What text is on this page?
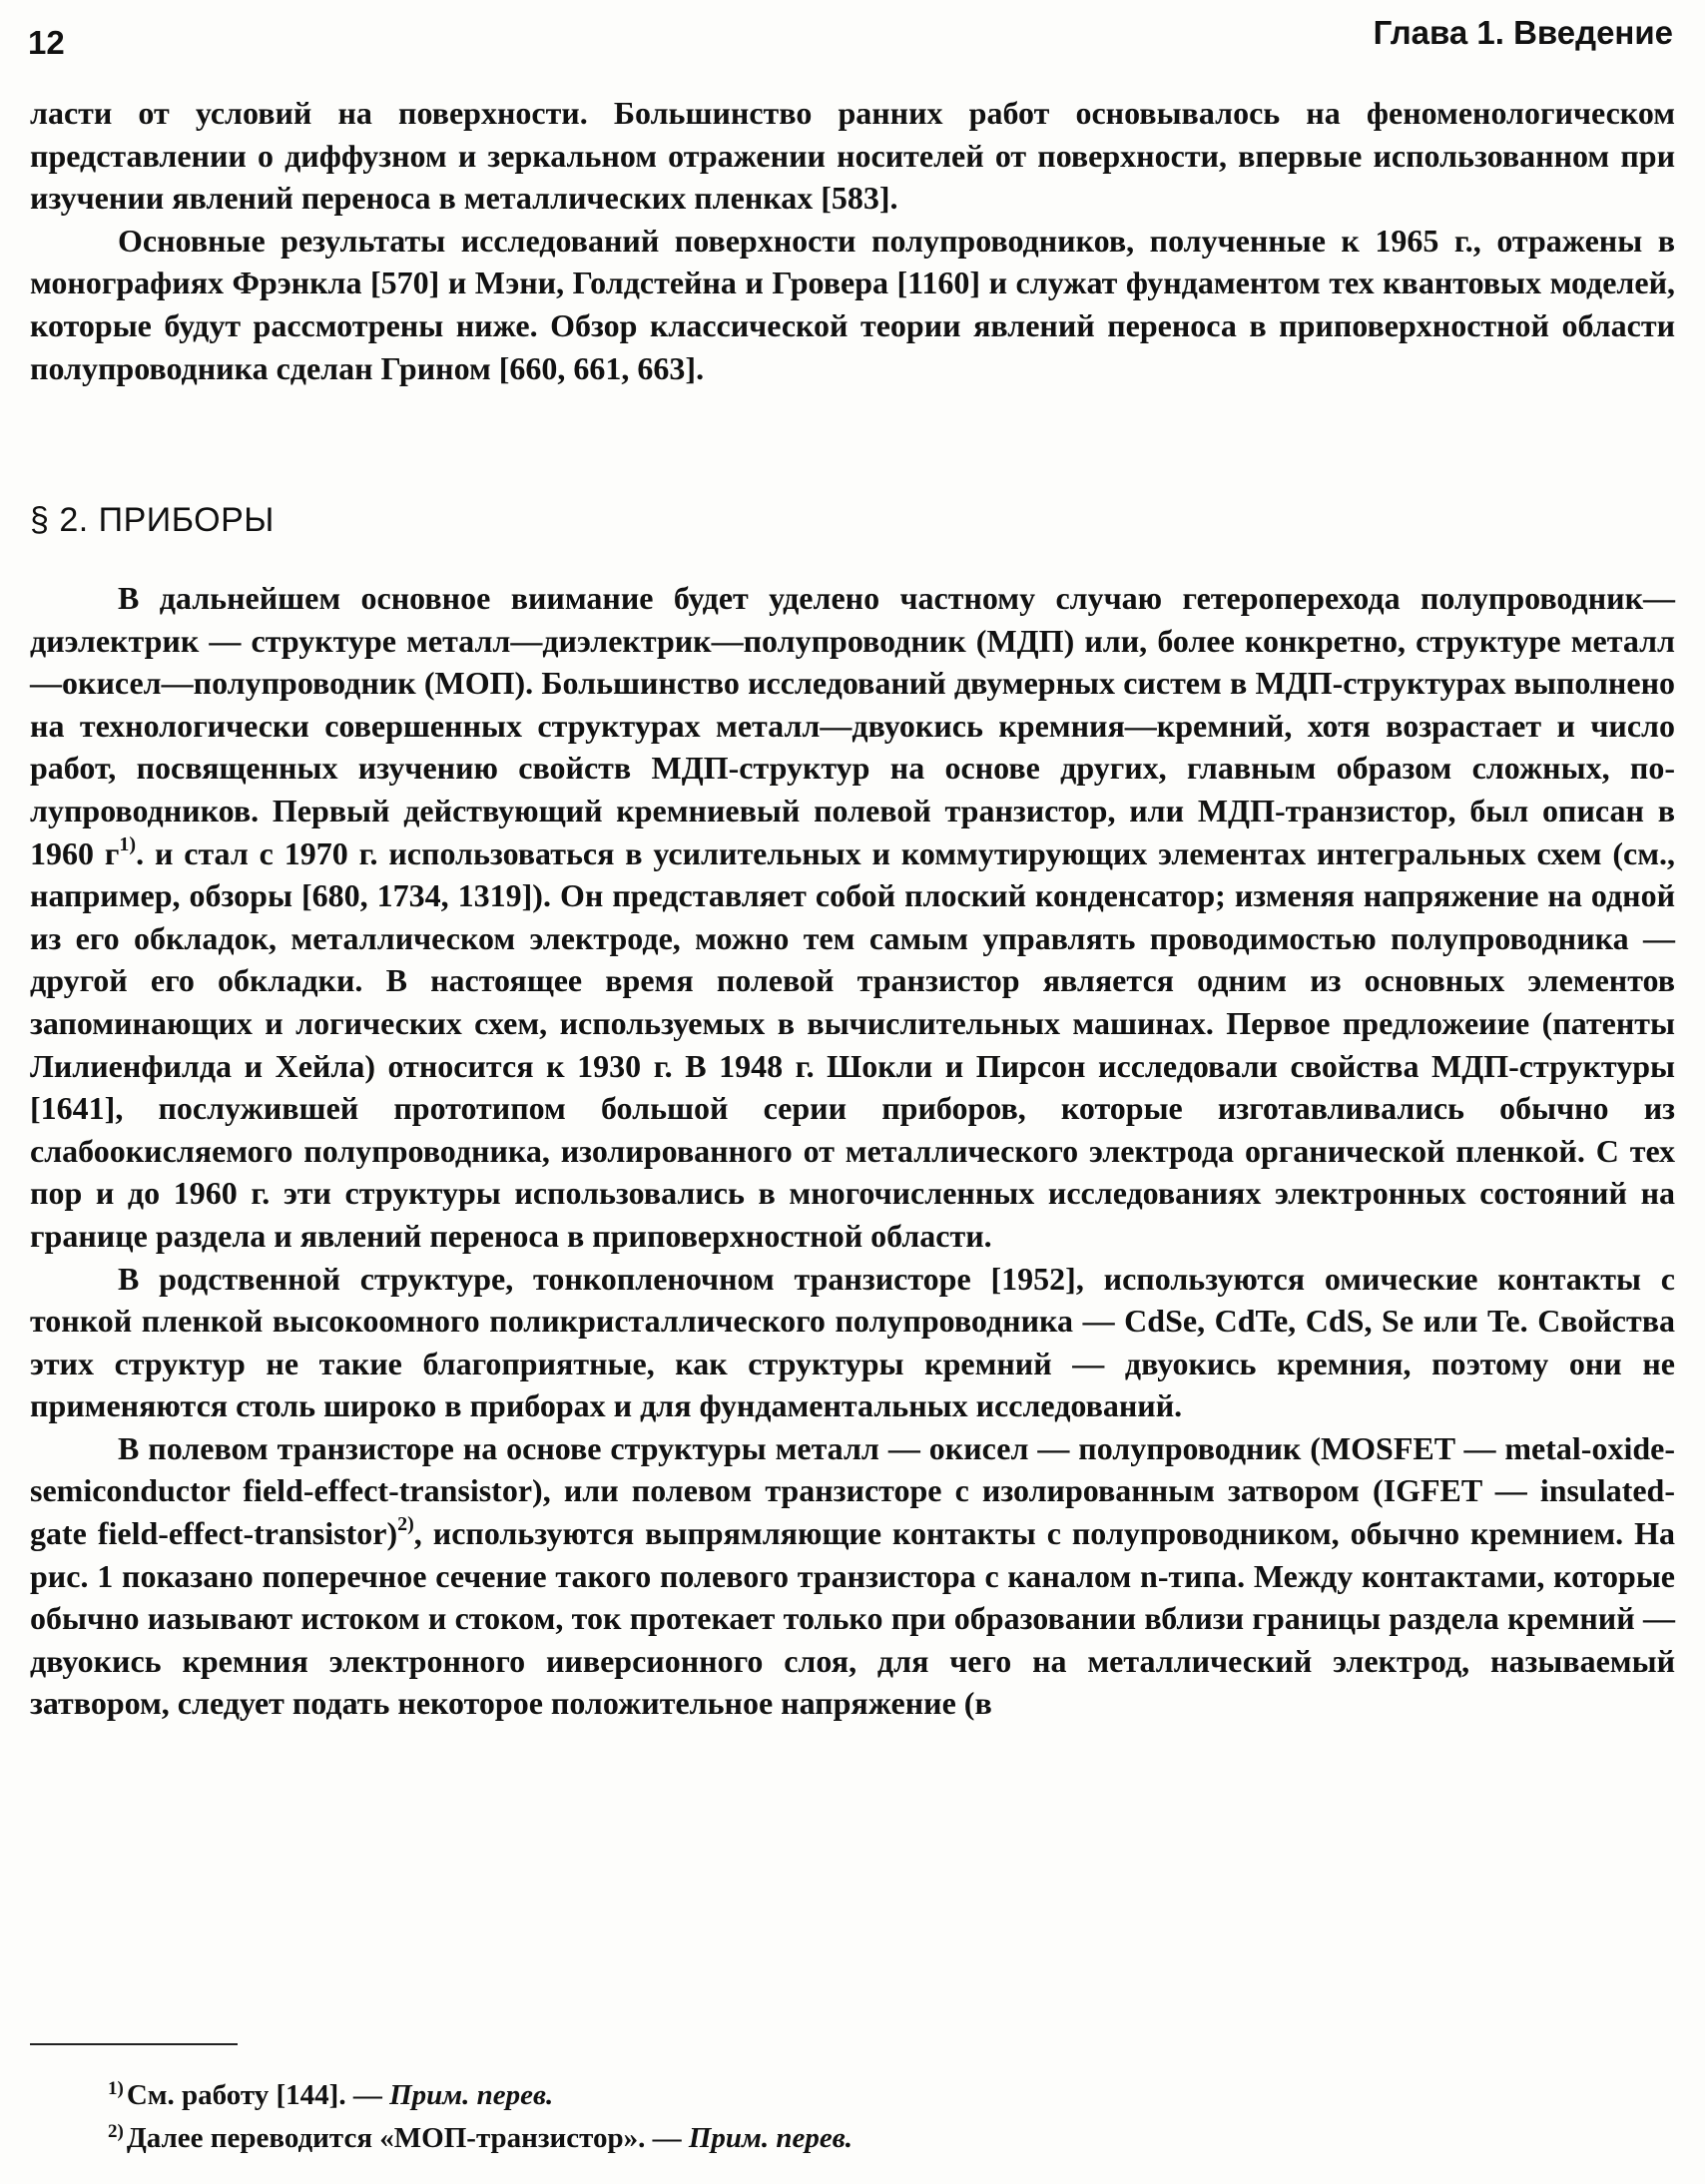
12	Глава 1. Введение

ласти от условий на поверхности. Большинство ранних работ основывалось на феноменологическом представлении о диффузном и зеркальном отражении носителей от поверхности, впервые использованном при изучении явлений переноса в металлических пленках [583].

Основные результаты исследований поверхности полупроводников, полученные к 1965 г., отражены в монографиях Фрэнкла [570] и Мэни, Голдстейна и Гровера [1160] и служат фундаментом тех квантовых моделей, которые будут рассмотрены ниже. Обзор классической теории явлений переноса в приповерхностной области полупроводника сделан Грином [660, 661, 663].

§ 2. ПРИБОРЫ

В дальнейшем основное виимание будет уделено частному случаю гетероперехода полупроводник—диэлектрик — структуре металл—диэлектрик—полупроводник (МДП) или, более конкретно, структуре металл—окисел—полупроводник (МОП). Большинство исследований двумерных систем в МДП-структурах выполнено на технологически совершенных структурах металл—двуокись кремния—кремний, хотя возрастает и число работ, посвященных изучению свойств МДП-структур на основе других, главным образом сложных, полупроводников. Первый действующий кремниевый полевой транзистор, или МДП-транзистор, был описан в 1960 $г^{1)}$. и стал с 1970 г. использоваться в усилительных и коммутирующих элементах интегральных схем (см., например, обзоры [680, 1734, 1319]). Он представляет собой плоский конденсатор; изменяя напряжение на одной из его обкладок, металлическом электроде, можно тем самым управлять проводимостью полупроводника — другой его обкладки. В настоящее время полевой транзистор является одним из основных элементов запоминающих и логических схем, используемых в вычислительных машинах. Первое предложеиие (патенты Лилиенфилда и Хейла) относится к 1930 г. В 1948 г. Шокли и Пирсон исследовали свойства МДП-структуры [1641], послужившей прототипом большой серии приборов, которые изготавливались обычно из слабоокисляемого полупроводника, изолированного от металлического электрода органической пленкой. С тех пор и до 1960 г. эти структуры использовались в многочисленных исследованиях электронных состояний на границе раздела и явлений переноса в приповерхностной области.

В родственной структуре, тонкопленочном транзисторе [1952], используются омические контакты с тонкой пленкой высокоомного поликристаллического полупроводника — CdSe, CdTe, CdS, Se или Te. Свойства этих структур не такие благоприятные, как структуры кремний — двуокись кремния, поэтому они не применяются столь широко в приборах и для фундаментальных исследований.

В полевом транзисторе на основе структуры металл — окисел — полупроводник (MOSFET — metal-oxide-semiconductor field-effect-transistor), или полевом транзисторе с изолированным затвором (IGFET — insulated-gate field-effect-transistor)$^{2)}$, используются выпрямляющие контакты с полупроводником, обычно кремнием. На рис. 1 показано поперечное сечение такого полевого транзистора с каналом n-типа. Между контактами, которые обычно иазывают истоком и стоком, ток протекает только при образовании вблизи границы раздела кремний — двуокись кремния электронного ииверсионного слоя, для чего на металлический электрод, называемый затвором, следует подать некоторое положительное напряжение (в

$^{1)}$ См. работу [144]. — Прим. перев.
$^{2)}$ Далее переводится «МОП-транзистор». — Прим. перев.
